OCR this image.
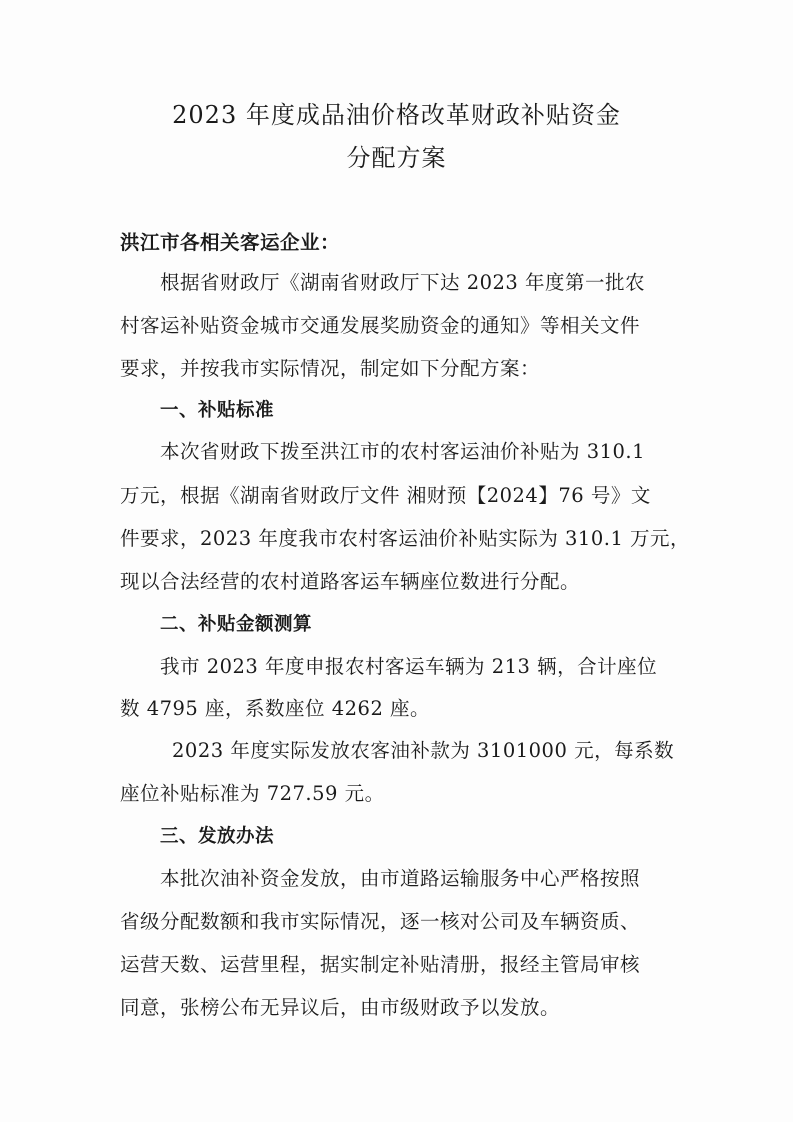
2023 年度成品油价格改革财政补贴资金
分配方案
洪江市各相关客运企业：
根据省财政厅《湖南省财政厅下达 2023 年度第一批农
村客运补贴资金城市交通发展奖励资金的通知》等相关文件
要求，并按我市实际情况，制定如下分配方案：
一、补贴标准
本次省财政下拨至洪江市的农村客运油价补贴为 310.1
万元，根据《湖南省财政厅文件 湘财预【2024】76 号》文
件要求，2023 年度我市农村客运油价补贴实际为 310.1 万元，
现以合法经营的农村道路客运车辆座位数进行分配。
二、补贴金额测算
我市 2023 年度申报农村客运车辆为 213 辆，合计座位
数 4795 座，系数座位 4262 座。
2023 年度实际发放农客油补款为 3101000 元，每系数
座位补贴标准为 727.59 元。
三、发放办法
本批次油补资金发放，由市道路运输服务中心严格按照
省级分配数额和我市实际情况，逐一核对公司及车辆资质、
运营天数、运营里程，据实制定补贴清册，报经主管局审核
同意，张榜公布无异议后，由市级财政予以发放。
